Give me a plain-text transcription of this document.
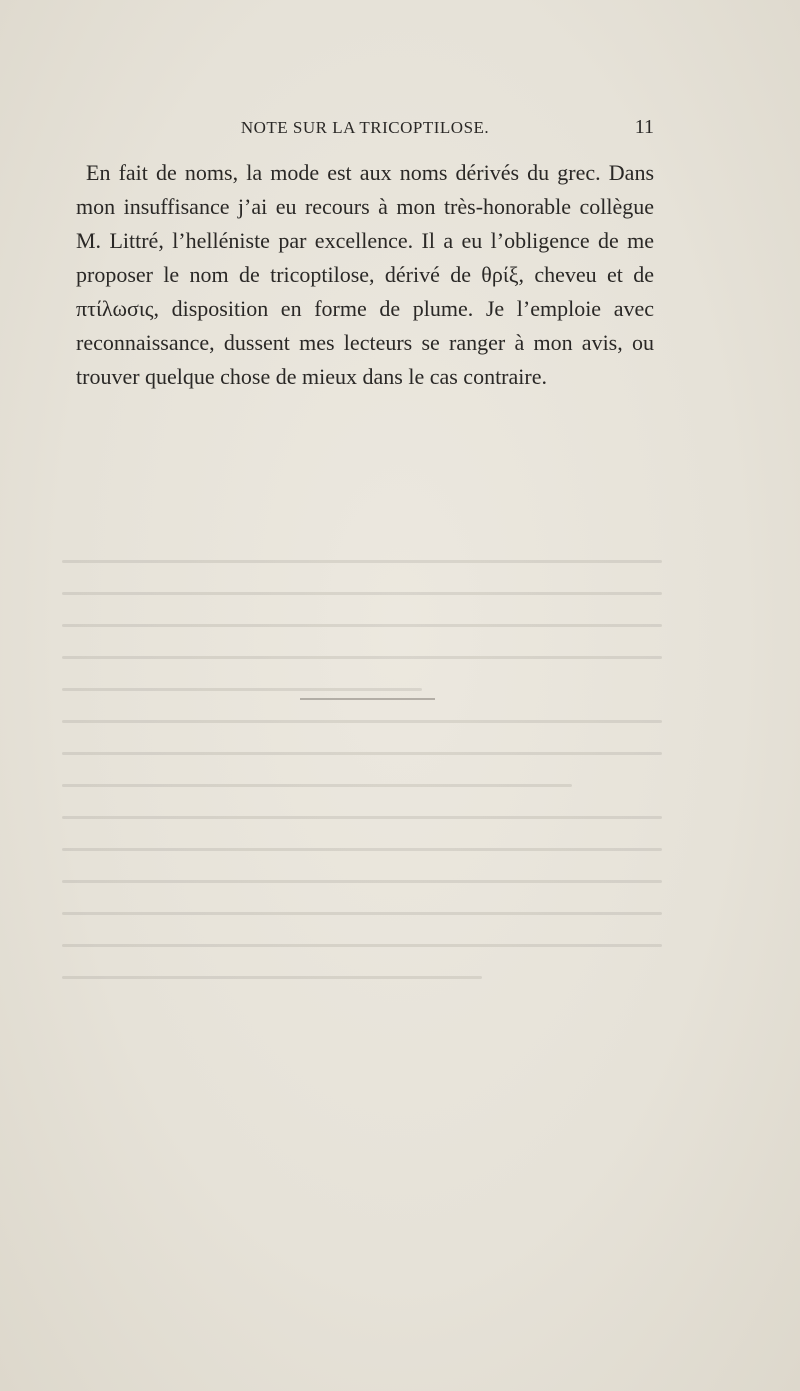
NOTE SUR LA TRICOPTILOSE.	11

En fait de noms, la mode est aux noms dérivés du grec. Dans mon insuffisance j’ai eu recours à mon très-honorable collègue M. Littré, l’helléniste par excellence. Il a eu l’obligence de me proposer le nom de tricoptilose, dérivé de θρίξ, cheveu et de πτίλωσις, disposition en forme de plume. Je l’emploie avec reconnaissance, dussent mes lecteurs se ranger à mon avis, ou trouver quelque chose de mieux dans le cas contraire.
